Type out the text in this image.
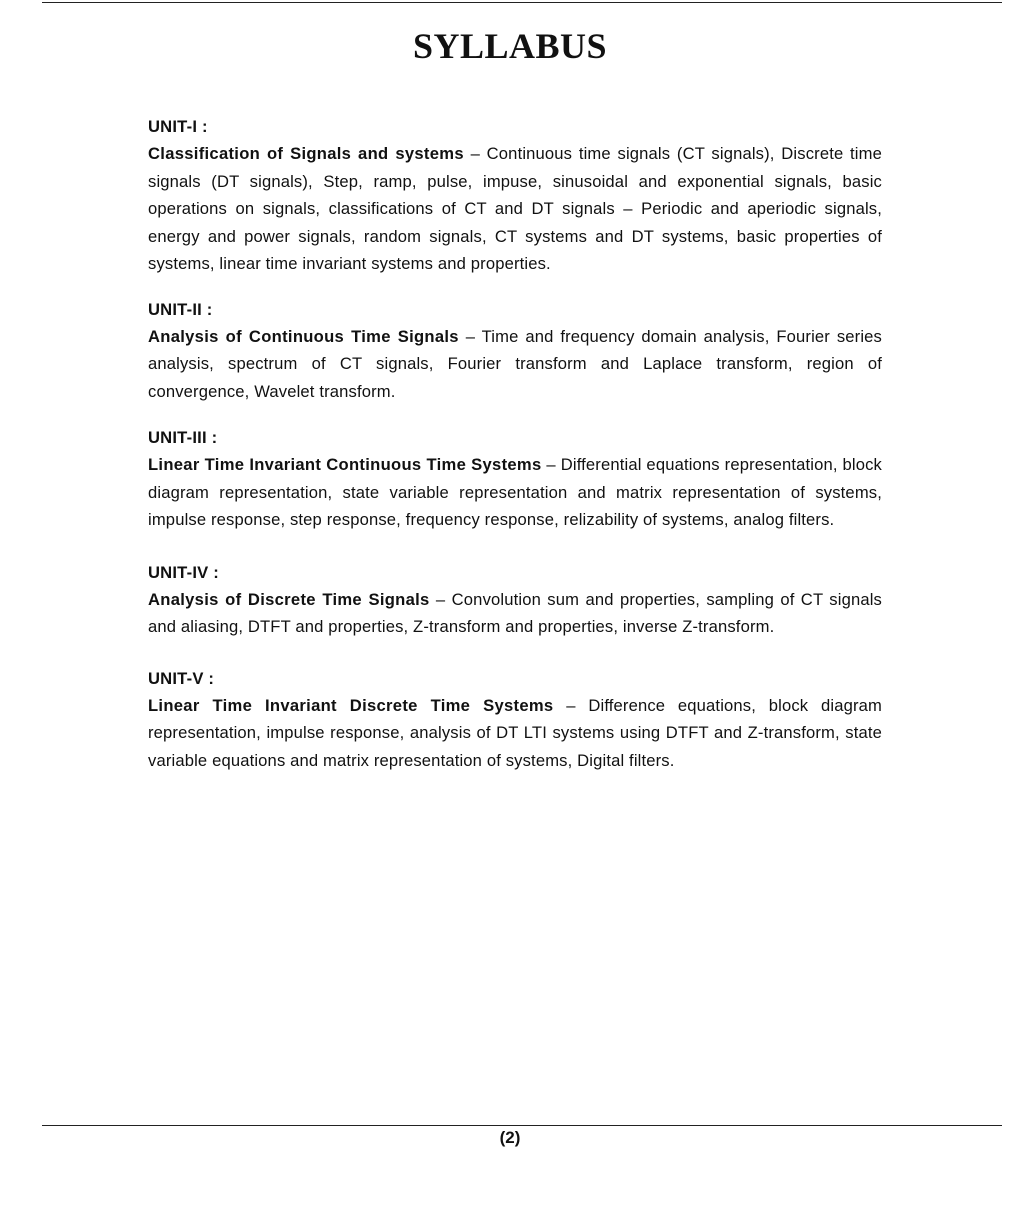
SYLLABUS
UNIT-I :
Classification of Signals and systems – Continuous time signals (CT signals), Discrete time signals (DT signals), Step, ramp, pulse, impuse, sinusoidal and exponential signals, basic operations on signals, classifications of CT and DT signals – Periodic and aperiodic signals, energy and power signals, random signals, CT systems and DT systems, basic properties of systems, linear time invariant systems and properties.
UNIT-II :
Analysis of Continuous Time Signals – Time and frequency domain analysis, Fourier series analysis, spectrum of CT signals, Fourier transform and Laplace transform, region of convergence, Wavelet transform.
UNIT-III :
Linear Time Invariant Continuous Time Systems – Differential equations representation, block diagram representation, state variable representation and matrix representation of systems, impulse response, step response, frequency response, relizability of systems, analog filters.
UNIT-IV :
Analysis of Discrete Time Signals – Convolution sum and properties, sampling of CT signals and aliasing, DTFT and properties, Z-transform and properties, inverse Z-transform.
UNIT-V :
Linear Time Invariant Discrete Time Systems – Difference equations, block diagram representation, impulse response, analysis of DT LTI systems using DTFT and Z-transform, state variable equations and matrix representation of systems, Digital filters.
(2)
